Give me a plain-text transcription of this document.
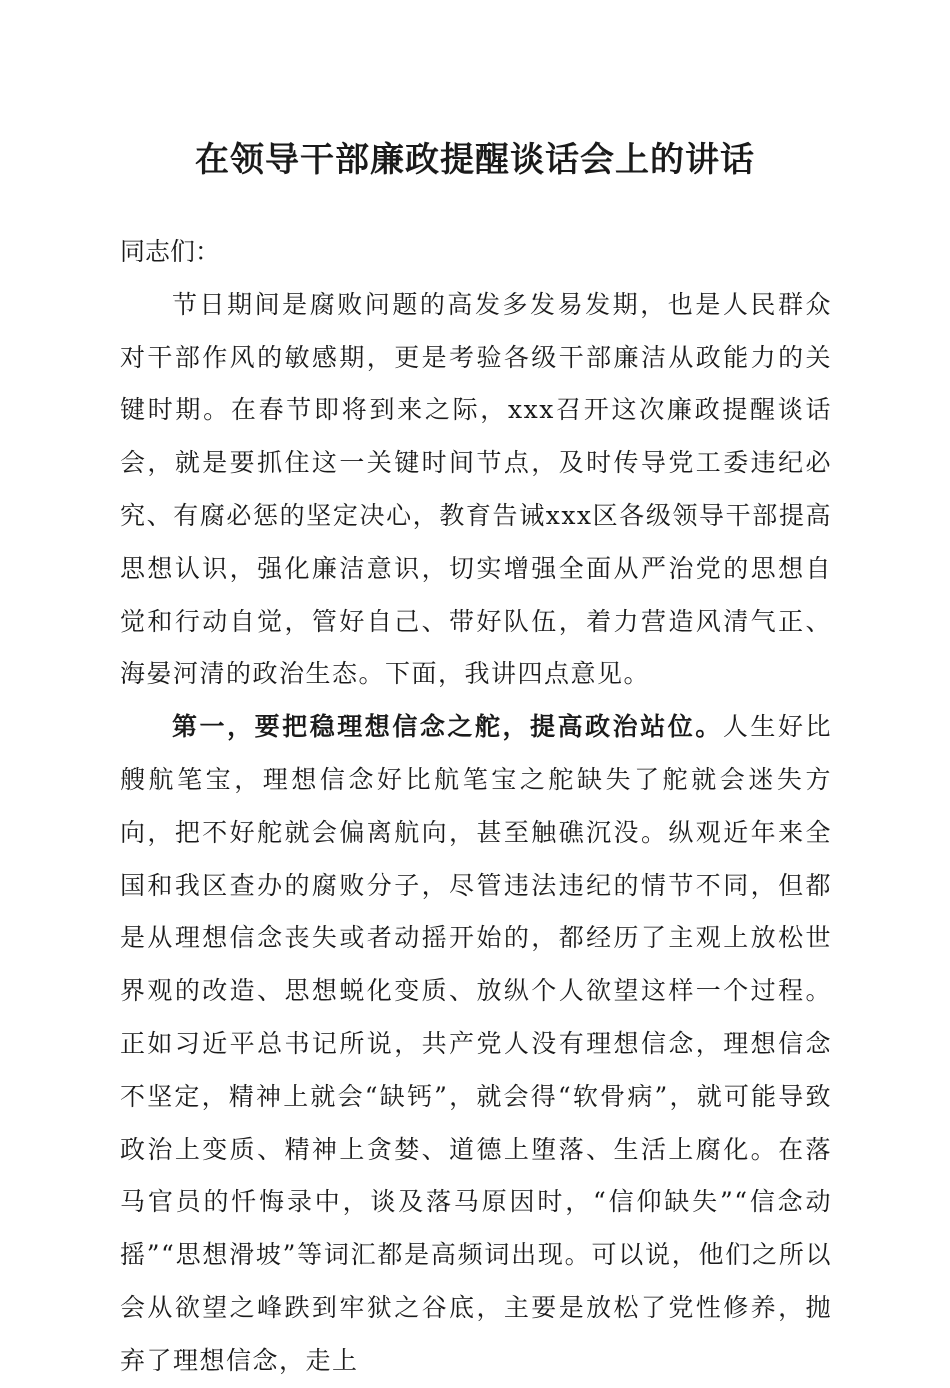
在领导干部廉政提醒谈话会上的讲话

同志们：

节日期间是腐败问题的高发多发易发期，也是人民群众对干部作风的敏感期，更是考验各级干部廉洁从政能力的关键时期。在春节即将到来之际，xxx召开这次廉政提醒谈话会，就是要抓住这一关键时间节点，及时传导党工委违纪必究、有腐必惩的坚定决心，教育告诫xxx区各级领导干部提高思想认识，强化廉洁意识，切实增强全面从严治党的思想自觉和行动自觉，管好自己、带好队伍，着力营造风清气正、海晏河清的政治生态。下面，我讲四点意见。

第一，要把稳理想信念之舵，提高政治站位。人生好比艘航笔宝，理想信念好比航笔宝之舵缺失了舵就会迷失方向，把不好舵就会偏离航向，甚至触礁沉没。纵观近年来全国和我区查办的腐败分子，尽管违法违纪的情节不同，但都是从理想信念丧失或者动摇开始的，都经历了主观上放松世界观的改造、思想蜕化变质、放纵个人欲望这样一个过程。正如习近平总书记所说，共产党人没有理想信念，理想信念不坚定，精神上就会“缺钙”，就会得“软骨病”，就可能导致政治上变质、精神上贪婪、道德上堕落、生活上腐化。在落马官员的忏悔录中，谈及落马原因时，“信仰缺失”“信念动摇”“思想滑坡”等词汇都是高频词出现。可以说，他们之所以会从欲望之峰跌到牢狱之谷底，主要是放松了党性修养，抛弃了理想信念，走上
